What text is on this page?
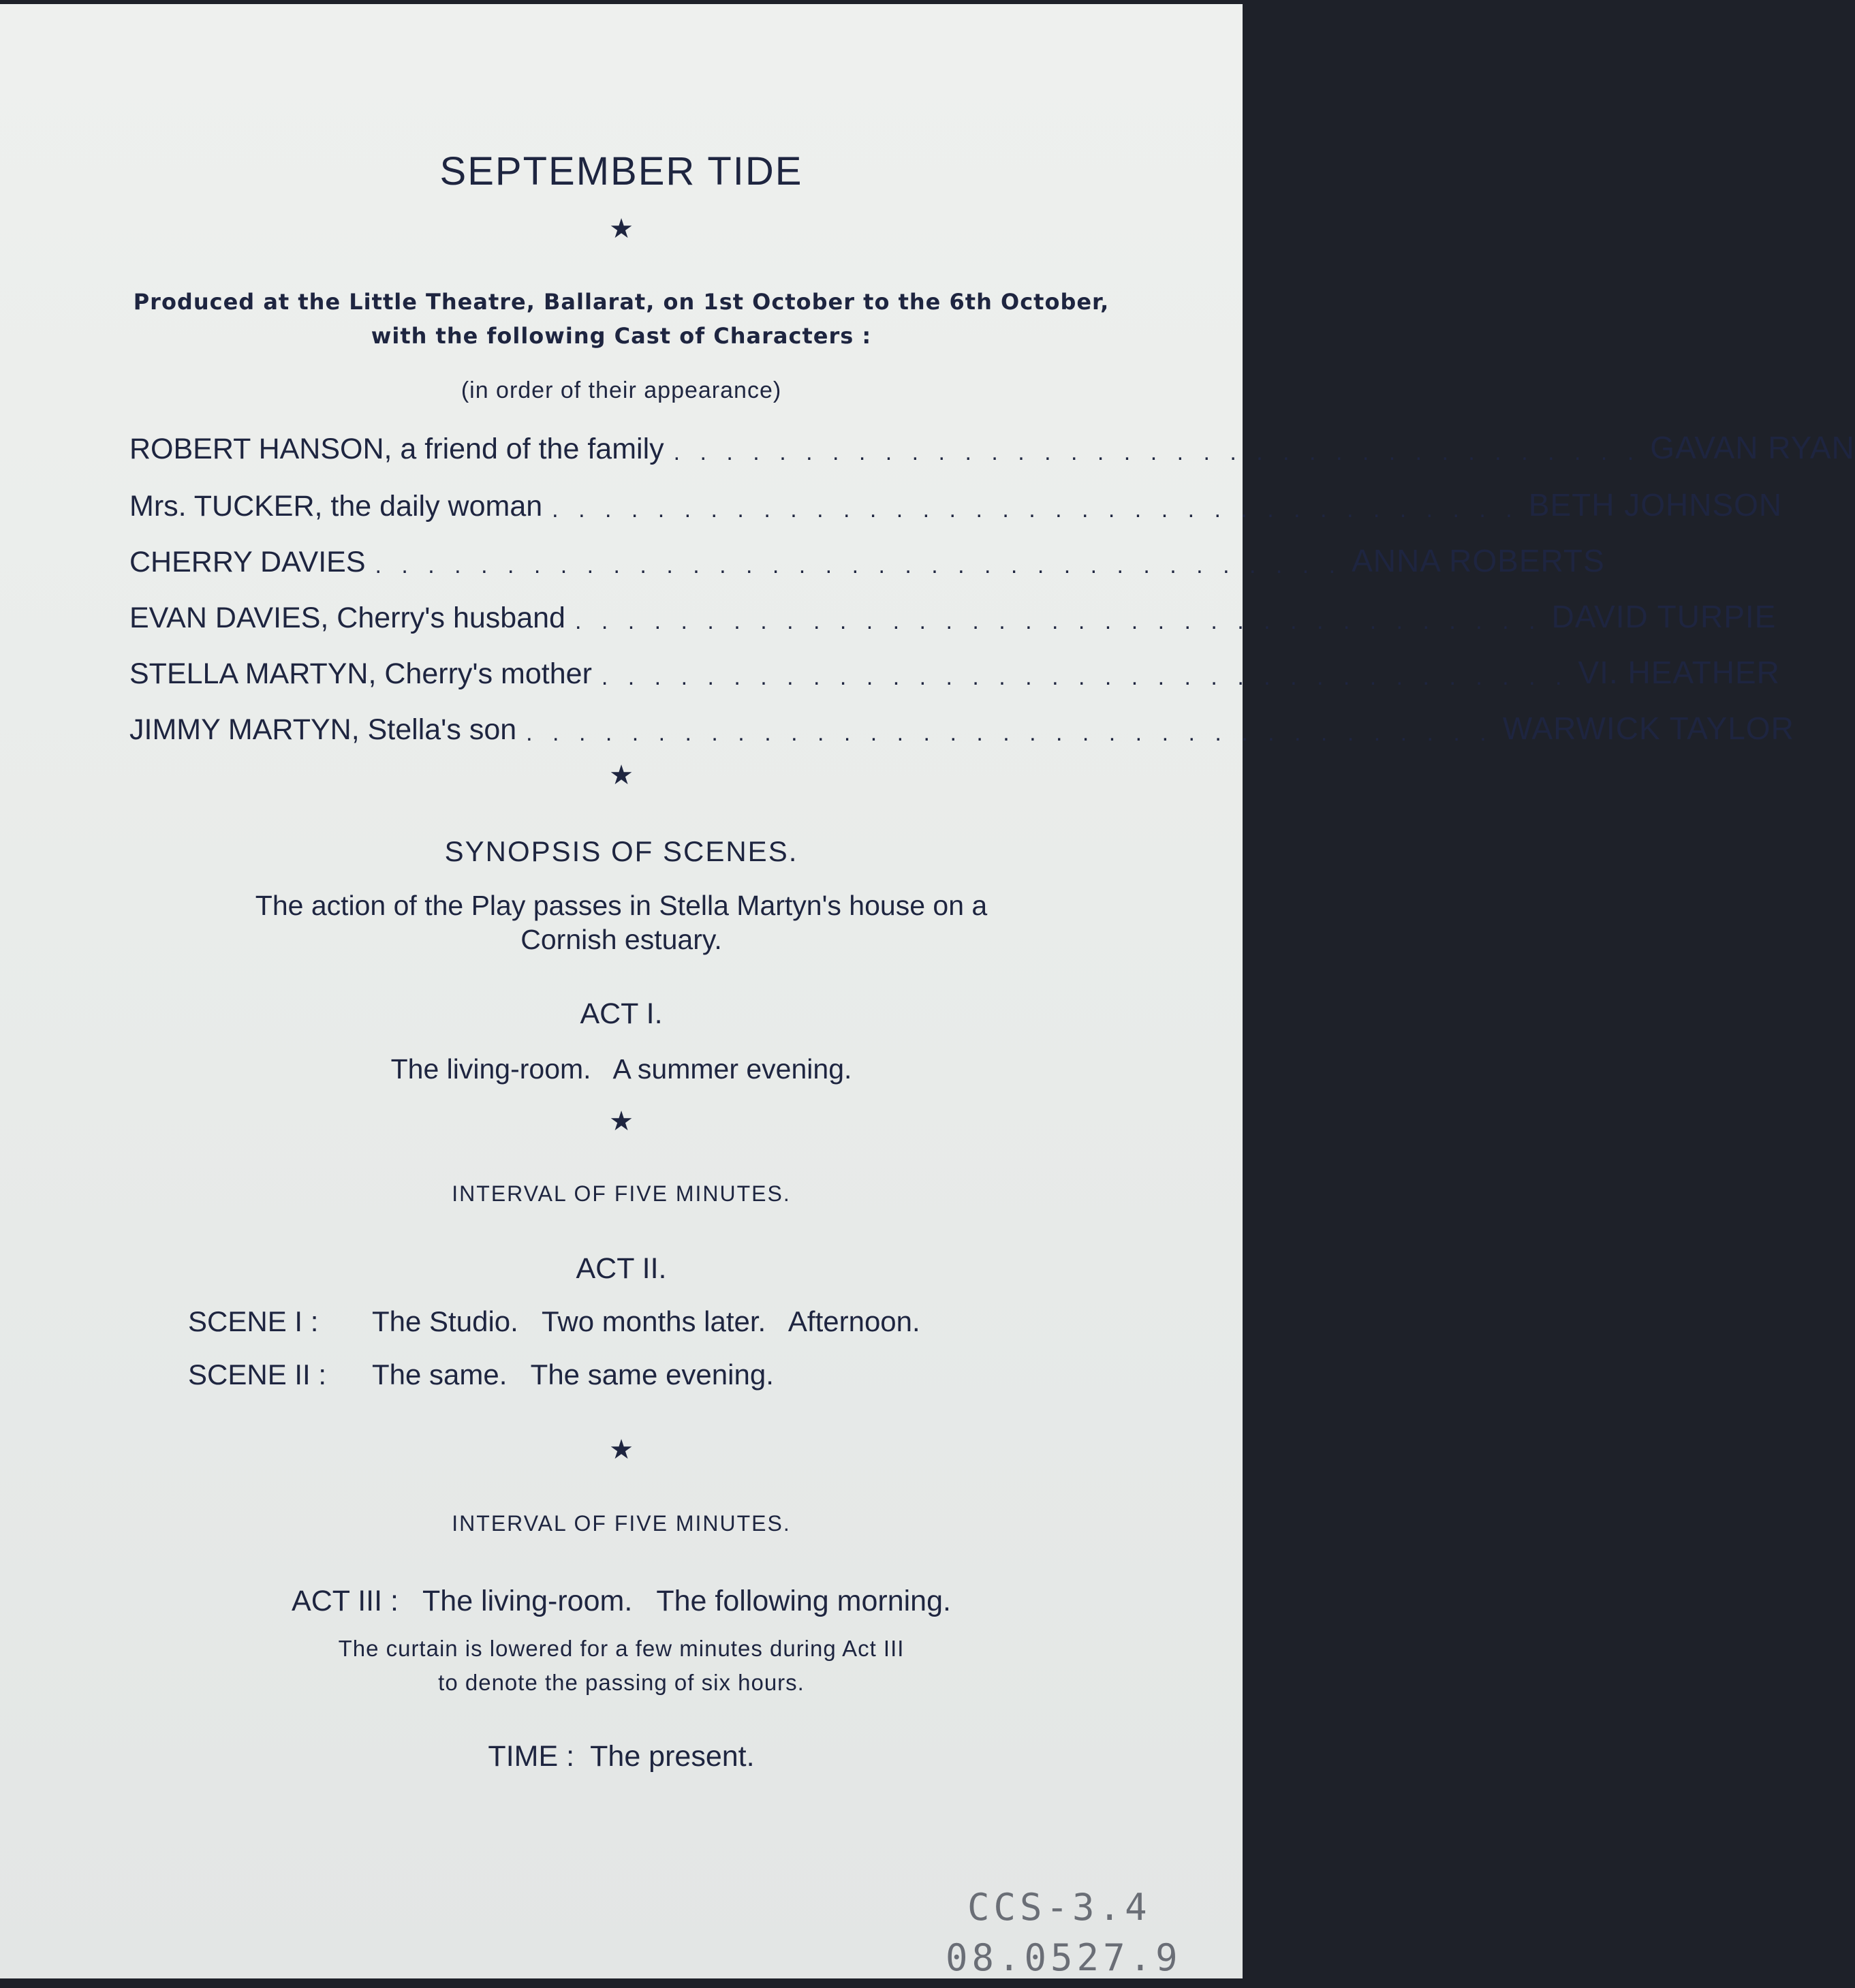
SEPTEMBER TIDE
★
Produced at the Little Theatre, Ballarat, on 1st October to the 6th October,
with the following Cast of Characters :
(in order of their appearance)
ROBERT HANSON, a friend of the family . . . . . . . . . . . . . . . . . . . . . . . . . . . . . . . . . . . . . GAVAN RYAN
Mrs. TUCKER, the daily woman . . . . . . . . . . . . . . . . . . . . . . . . . . . . . . . . . . . . . BETH JOHNSON
CHERRY DAVIES . . . . . . . . . . . . . . . . . . . . . . . . . . . . . . . . . . . . . ANNA ROBERTS
EVAN DAVIES, Cherry's husband . . . . . . . . . . . . . . . . . . . . . . . . . . . . . . . . . . . . . DAVID TURPIE
STELLA MARTYN, Cherry's mother . . . . . . . . . . . . . . . . . . . . . . . . . . . . . . . . . . . . . VI. HEATHER
JIMMY MARTYN, Stella's son . . . . . . . . . . . . . . . . . . . . . . . . . . . . . . . . . . . . . WARWICK TAYLOR
★
SYNOPSIS OF SCENES.
The action of the Play passes in Stella Martyn's house on a
Cornish estuary.
ACT I.
The living-room.   A summer evening.
★
INTERVAL OF FIVE MINUTES.
ACT II.
SCENE I : The Studio.   Two months later.   Afternoon.
SCENE II : The same.   The same evening.
★
INTERVAL OF FIVE MINUTES.
ACT III :   The living-room.   The following morning.
The curtain is lowered for a few minutes during Act III
to denote the passing of six hours.
TIME :  The present.
CCS-3.4
08.0527.9
